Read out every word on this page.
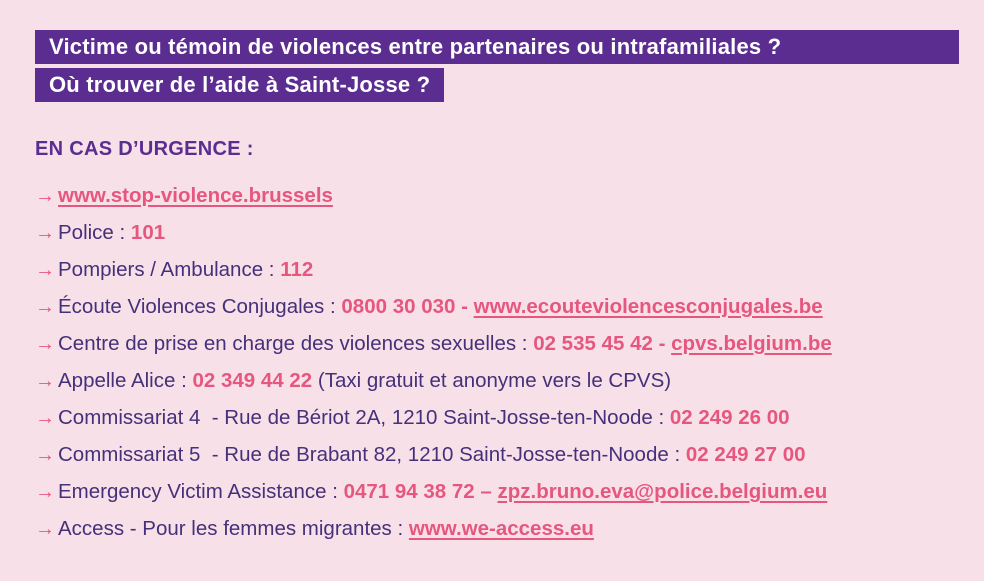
Victime ou témoin de violences entre partenaires ou intrafamiliales ?
Où trouver de l’aide à Saint-Josse ?
EN CAS D’URGENCE :
→ www.stop-violence.brussels
→ Police : 101
→ Pompiers / Ambulance : 112
→ Écoute Violences Conjugales : 0800 30 030 - www.ecouteviolencesconjugales.be
→ Centre de prise en charge des violences sexuelles : 02 535 45 42 - cpvs.belgium.be
→ Appelle Alice : 02 349 44 22 (Taxi gratuit et anonyme vers le CPVS)
→ Commissariat 4  - Rue de Bériot 2A, 1210 Saint-Josse-ten-Noode : 02 249 26 00
→ Commissariat 5  - Rue de Brabant 82, 1210 Saint-Josse-ten-Noode : 02 249 27 00
→ Emergency Victim Assistance : 0471 94 38 72 – zpz.bruno.eva@police.belgium.eu
→ Access - Pour les femmes migrantes : www.we-access.eu
